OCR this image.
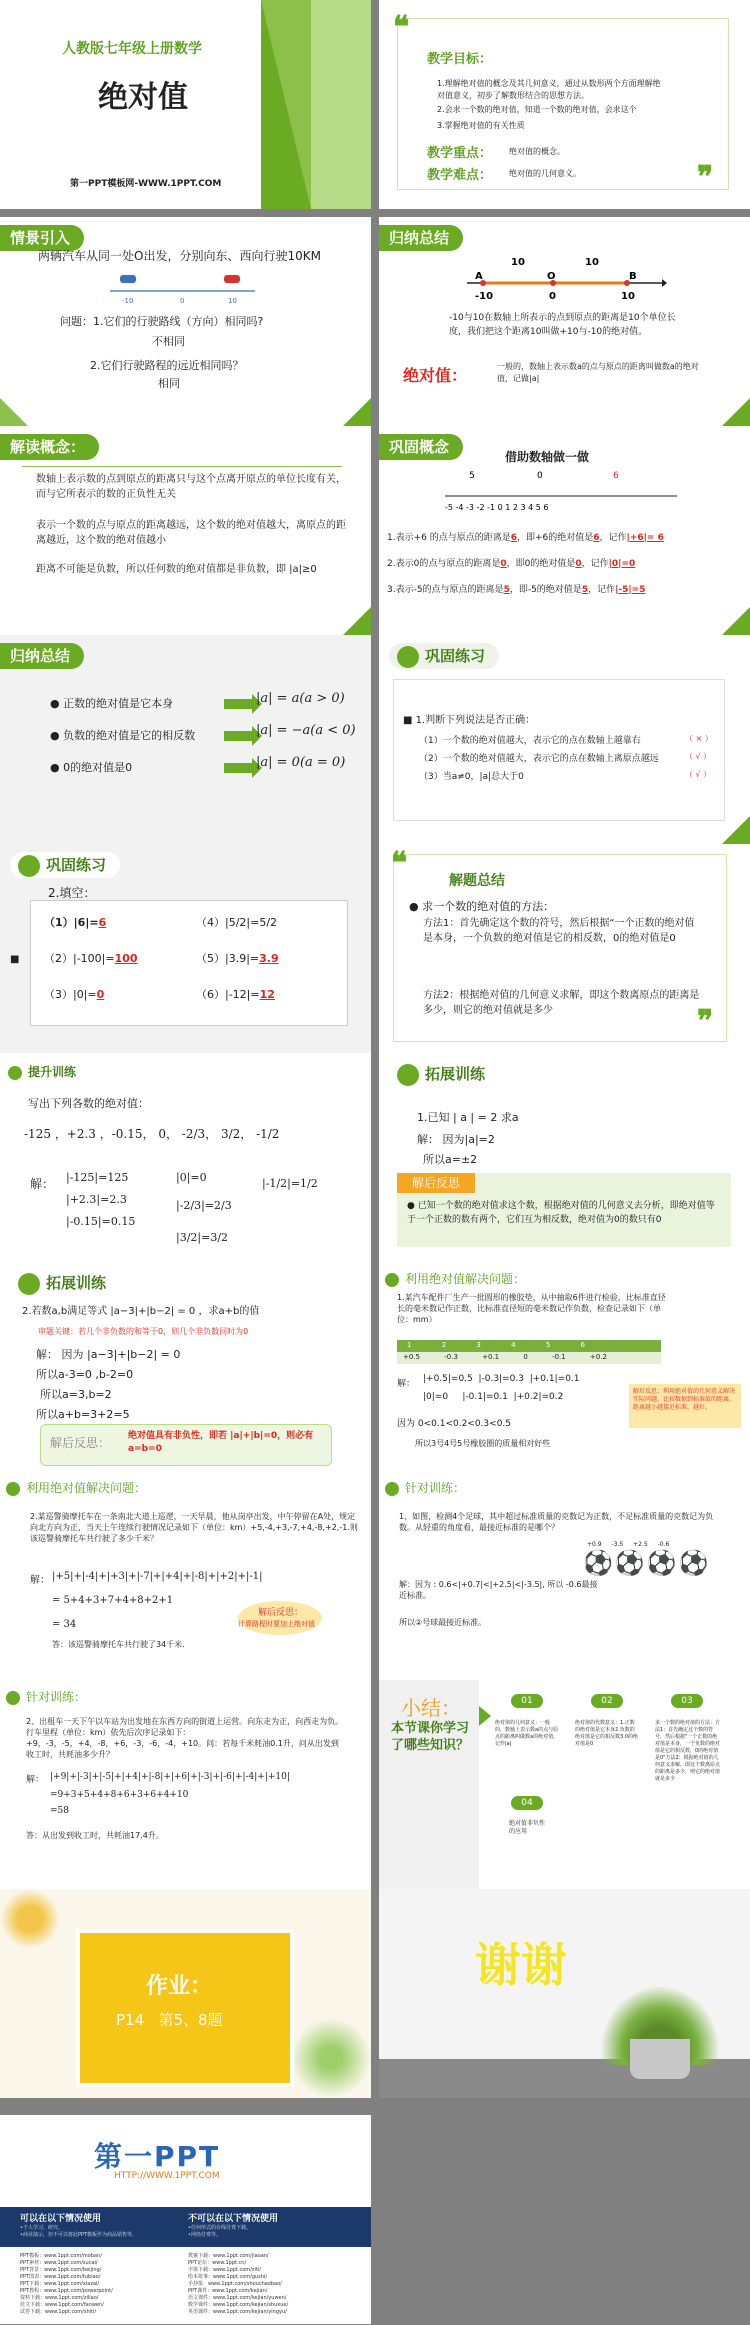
人教版七年级上册数学
绝对值
第一PPT模板网-WWW.1PPT.COM
❝
❞
教学目标：
1.理解绝对值的概念及其几何意义，通过从数形两个方面理解绝对值意义，初步了解数形结合的思想方法。
2.会求一个数的绝对值，知道一个数的绝对值，会求这个
3.掌握绝对值的有关性质
教学重点： 绝对值的概念。
教学难点： 绝对值的几何意义。
情景引入
两辆汽车从同一处O出发，分别向东、西向行驶10KM
-10	0	10
问题：1.它们的行驶路线（方向）相同吗?
不相同
2.它们行驶路程的远近相同吗？
相同
归纳总结
10	10
A	O	B
-10	0	10
-10与10在数轴上所表示的点到原点的距离是10个单位长度，我们把这个距离10叫做+10与-10的绝对值。
绝对值：	一般的，数轴上表示数a的点与原点的距离叫做数a的绝对值，记做|a|
解读概念：
数轴上表示数的点到原点的距离只与这个点离开原点的单位长度有关，而与它所表示的数的正负性无关
表示一个数的点与原点的距离越远，这个数的绝对值越大，离原点的距离越近，这个数的绝对值越小
距离不可能是负数，所以任何数的绝对值都是非负数，即 |a|≥0
巩固概念
借助数轴做一做
5	0	6
-5 -4 -3 -2 -1 0 1 2 3 4 5 6
1.表示+6 的点与原点的距离是6，即+6的绝对值是6，记作|+6|= 6
2.表示0的点与原点的距离是0，即0的绝对值是0，记作|0|=0
3.表示-5的点与原点的距离是5，即-5的绝对值是5，记作|-5|=5
归纳总结
● 正数的绝对值是它本身
● 负数的绝对值是它的相反数
● 0的绝对值是0
|a| = a(a > 0)
|a| = −a(a < 0)
|a| = 0(a = 0)
巩固练习
■ 1.判断下列说法是否正确：
（1）一个数的绝对值越大，表示它的点在数轴上越靠右
（2）一个数的绝对值越大，表示它的点在数轴上离原点越远
（3）当a≠0，|a|总大于0
（ × ）
（ √ ）
（ √ ）
巩固练习
2.填空：
■
（1）|6|=6
（2）|-100|=100
（3）|0|=0
（4）|5/2|=5/2
（5）|3.9|=3.9
（6）|-12|=12
❝
❞
解题总结
● 求一个数的绝对值的方法：
方法1：首先确定这个数的符号，然后根据“一个正数的绝对值是本身，一个负数的绝对值是它的相反数，0的绝对值是0
方法2：根据绝对值的几何意义求解，即这个数离原点的距离是多少，则它的绝对值就是多少
提升训练
写出下列各数的绝对值：
-125 ，+2.3 ，-0.15， 0， -2/3， 3/2， -1/2
解： |-125|=125
|+2.3|=2.3
|-0.15|=0.15
|0|=0
|-2/3|=2/3
|3/2|=3/2
|-1/2|=1/2
拓展训练
1.已知 | a | = 2 求a
解： 因为|a|=2
所以a=±2
解后反思
● 已知一个数的绝对值求这个数，根据绝对值的几何意义去分析，即绝对值等于一个正数的数有两个，它们互为相反数，绝对值为0的数只有0
拓展训练
2.若数a,b满足等式 |a−3|+|b−2| = 0 ，求a+b的值
审题关键：若几个非负数的和等于0，则几个非负数同时为0
解： 因为 |a−3|+|b−2| = 0
所以a-3=0 ,b-2=0
所以a=3,b=2
所以a+b=3+2=5
解后反思： 绝对值具有非负性，即若 |a|+|b|=0，则必有 a=b=0
利用绝对值解决问题：
1.某汽车配件厂生产一批圆形的橡胶垫，从中抽取6件进行检验，比标准直径长的毫米数记作正数，比标准直径短的毫米数记作负数，检查记录如下（单位：mm）
1	2	3	4	5	6
+0.5	-0.3	+0.1	0	-0.1	+0.2
解： |+0.5|=0.5 |-0.3|=0.3 |+0.1|=0.1
|0|=0 |-0.1|=0.1 |+0.2|=0.2
因为 0<0.1<0.2<0.3<0.5
所以3号4号5号橡胶圈的质量相对好些
解后反思：利用绝对值的几何意义解决实际问题，比较数据到标准值的距离，距离越小越接近标准，越好。
利用绝对值解决问题：
2.某巡警骑摩托车在一条南北大道上巡逻，一天早晨，他从岗亭出发，中午停留在A处，规定向北方向为正，当天上午连续行驶情况记录如下（单位：km）+5,-4,+3,-7,+4,-8,+2,-1.则该巡警骑摩托车共行驶了多少千米？
解： |+5|+|-4|+|+3|+|-7|+|+4|+|-8|+|+2|+|-1|
= 5+4+3+7+4+8+2+1
= 34
答：该巡警骑摩托车共行驶了34千米.
解后反思：
计算路程时要加上绝对值
针对训练：
1、如图，检测4个足球，其中超过标准质量的克数记为正数，不足标准质量的克数记为负数。从轻重的角度看，最接近标准的是哪个？
+0.9 -3.5 +2.5 -0.6
⚽⚽⚽⚽
解：因为 : 0.6<|+0.7|<|+2.5|<|-3.5|, 所以 -0.6最接近标准。
所以②号球最接近标准。
针对训练：
2、出租车一天下午以车站为出发地在东西方向的街道上运营。向东走为正，向西走为负。行车里程（单位：km）依先后次序记录如下：+9，-3，-5，+4，-8，+6，-3，-6，-4，+10。问：若每千米耗油0.1升，问从出发到收工时，共耗油多少升？
解： |+9|+|-3|+|-5|+|+4|+|-8|+|+6|+|-3|+|-6|+|-4|+|+10|
=9+3+5+4+8+6+3+6+4+10
=58
答：从出发到收工时，共耗油17.4升。
小结：
本节课你学习了哪些知识？
01	02	03
04
绝对值的几何意义：一般的，数轴上表示数a的点与原点的距离叫做数a的绝对值，记作|a|
绝对值的代数意义：1.正数的绝对值是它本身2.负数的绝对值是它的相反数3.0的绝对值是0
求一个数的绝对值的方法：方法1：首先确定这个数的符号，然后根据"一个正数的绝对值是本身，一个负数的绝对值是它的相反数，0的绝对值是0"方法2：根据绝对值的几何意义求解，即这个数离原点的距离是多少，则它的绝对值就是多少
绝对值非负性的应用
作业：
P14 第5、8题
谢谢
第一PPT
HTTP://WWW.1PPT.COM
可以在以下情况使用	不可以在以下情况使用
•个人学习、研究。
•商业演示，但不可以将此PPT模板作为商品销售等。
•任何形式的在线付费下载。
•网络付费等。
PPT模板：www.1ppt.com/moban/
PPT素材：www.1ppt.com/sucai/
PPT背景：www.1ppt.com/beijing/
PPT图表：www.1ppt.com/tubiao/
PPT下载：www.1ppt.com/xiazai/
PPT教程：www.1ppt.com/powerpoint/
资料下载：www.1ppt.com/ziliao/
范文下载：www.1ppt.com/fanwen/
试卷下载：www.1ppt.com/shiti/
教案下载：www.1ppt.com/jiaoan/
PPT论坛：www.1ppt.cn/
字体下载：www.1ppt.com/ziti/
绘本故事：www.1ppt.com/gushi/
手抄报：www.1ppt.com/shouchaobao/
PPT课件：www.1ppt.com/kejian/
语文课件：www.1ppt.com/kejian/yuwen/
数学课件：www.1ppt.com/kejian/shuxue/
英语课件：www.1ppt.com/kejian/yingyu/
